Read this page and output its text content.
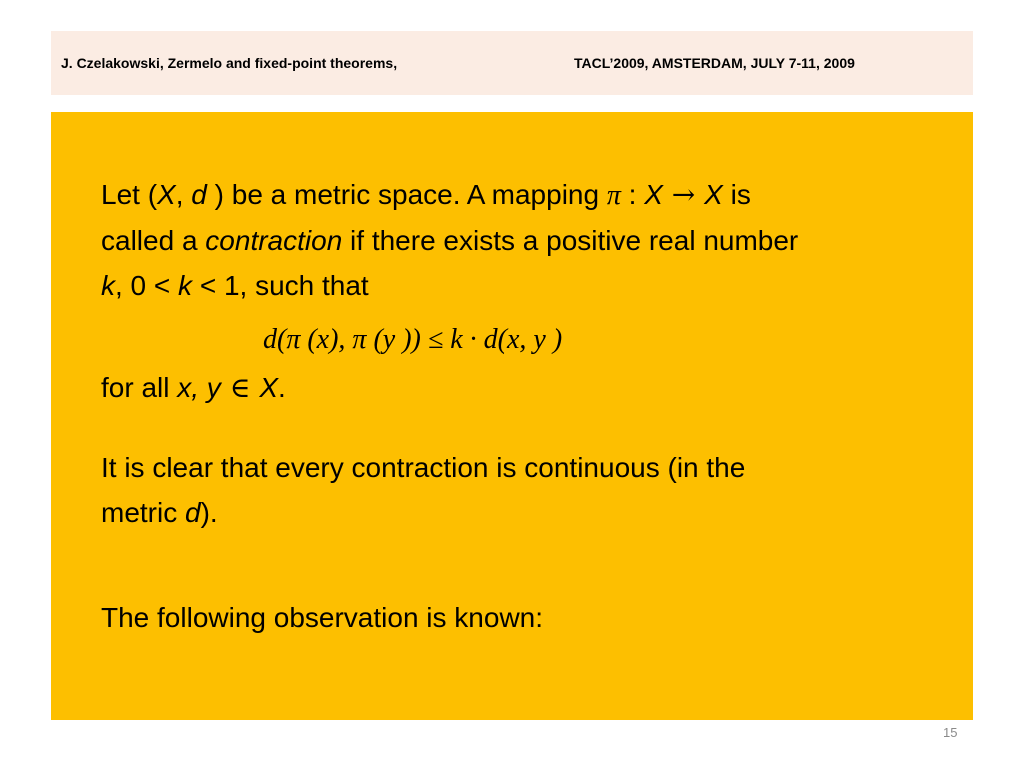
J. Czelakowski, Zermelo and fixed-point theorems,	TACL’2009, AMSTERDAM, JULY 7-11, 2009
Let (X, d ) be a metric space. A mapping π : X → X is
called a contraction if there exists a positive real number
k, 0 < k < 1, such that
d(π (x), π (y )) ≤ k · d(x, y )
for all x, y ∈ X.
It is clear that every contraction is continuous (in the
metric d).
The following observation is known:
15
